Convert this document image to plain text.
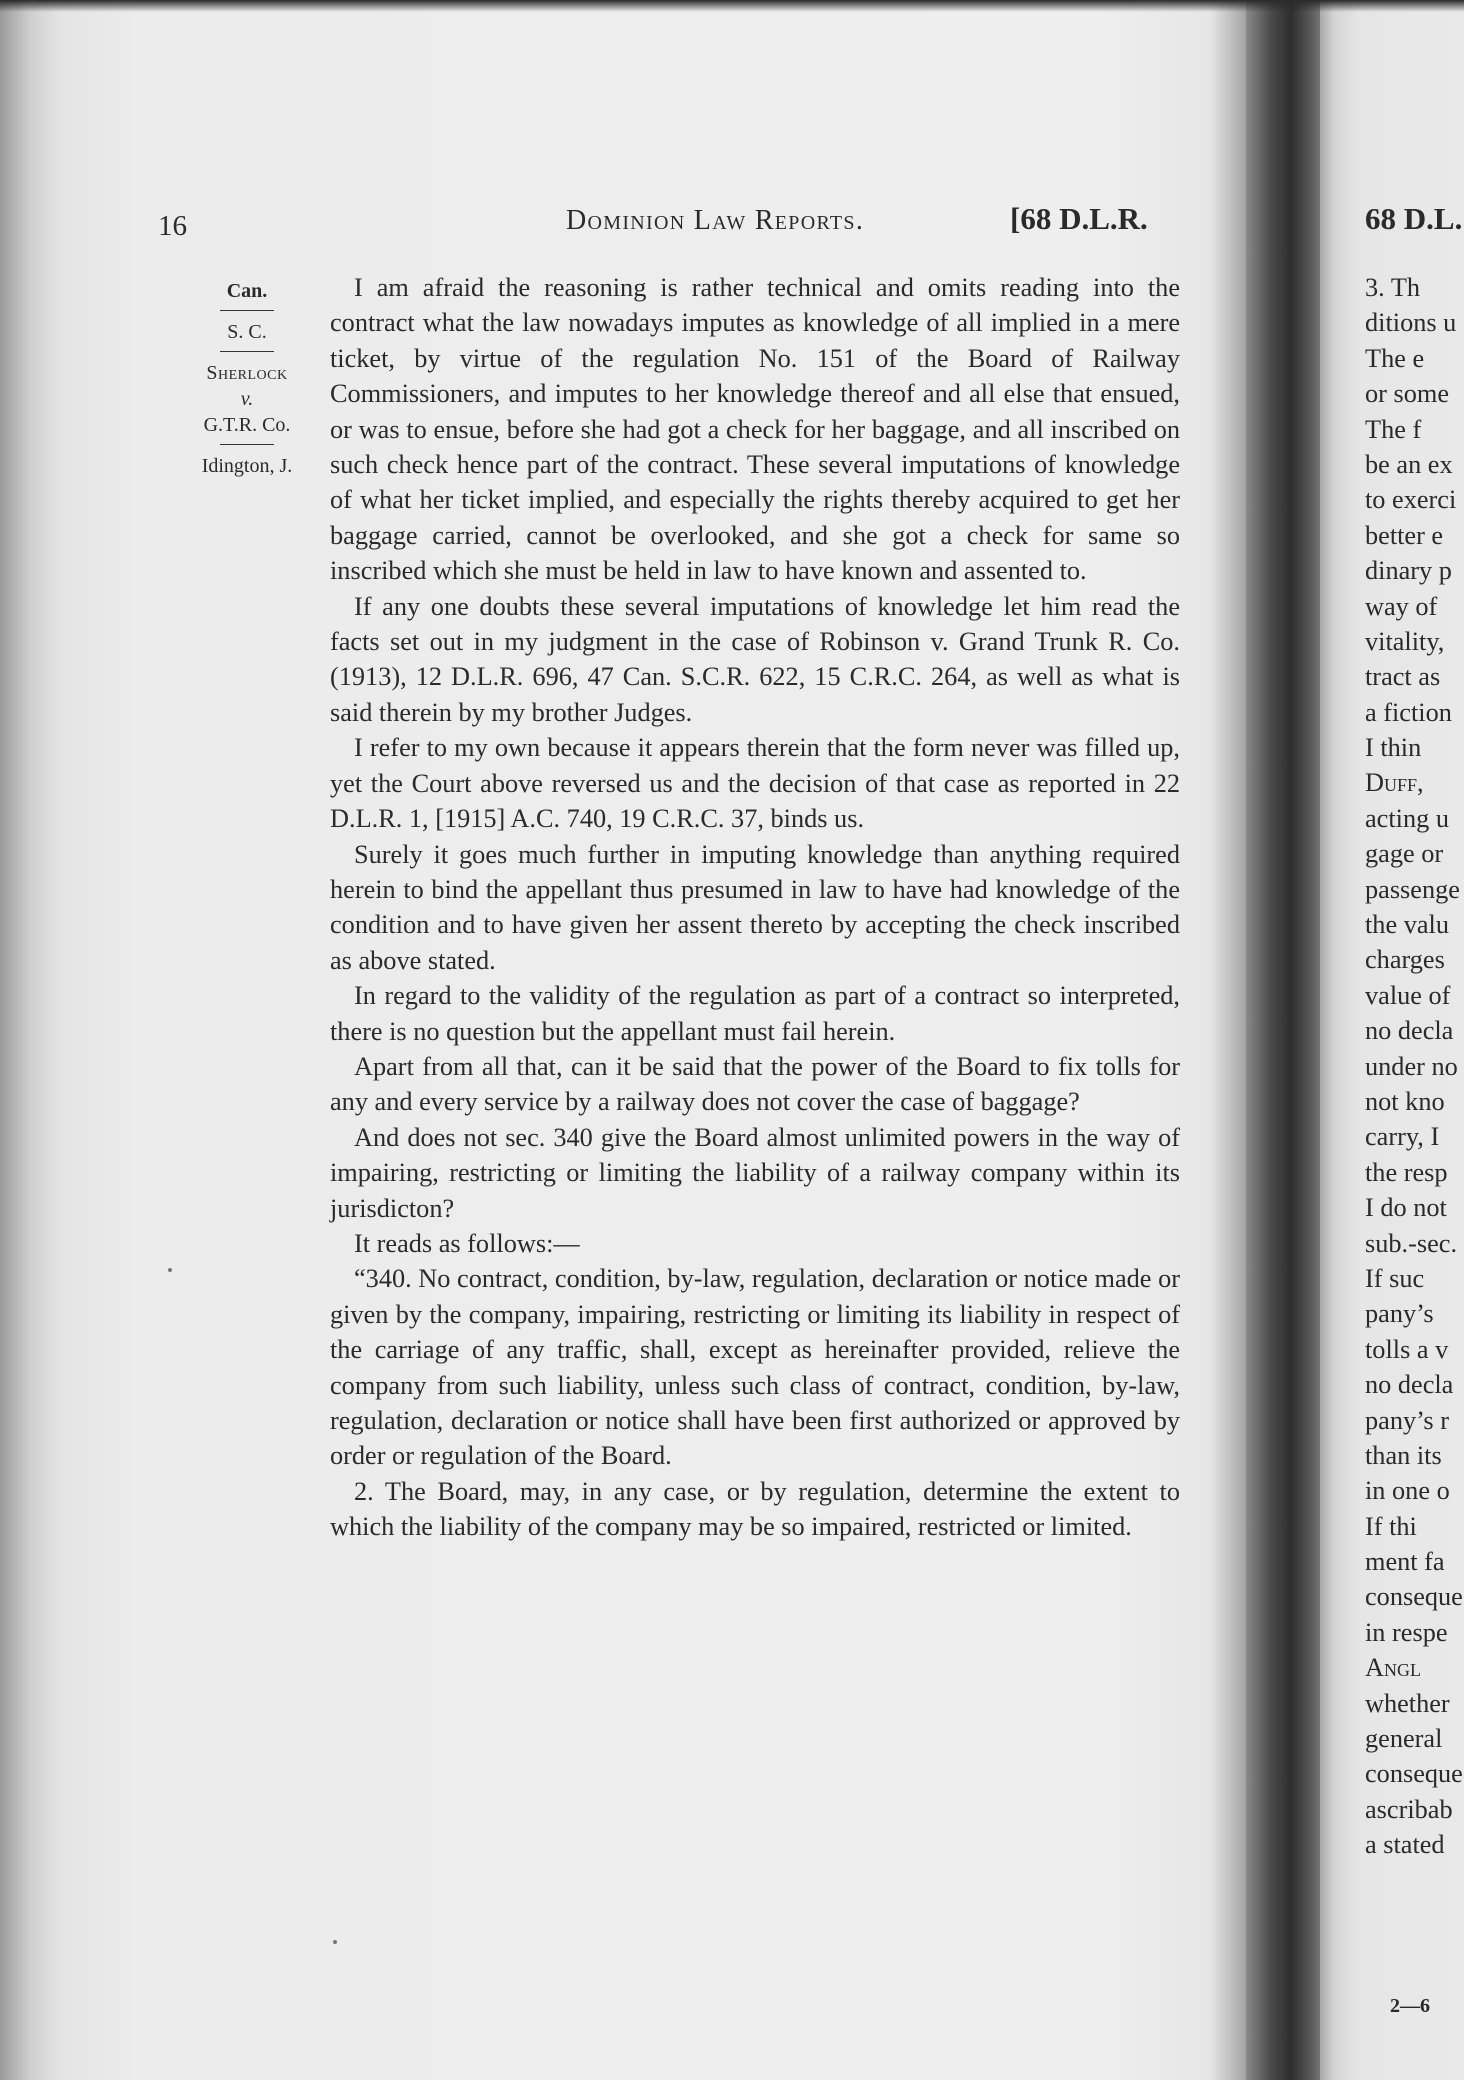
16	Dominion Law Reports.	[68 D.L.R.
Can.
S. C.
Sherlock
v.
G.T.R. Co.
Idington, J.

I am afraid the reasoning is rather technical and omits reading into the contract what the law nowadays imputes as knowledge of all implied in a mere ticket, by virtue of the regulation No. 151 of the Board of Railway Commissioners, and imputes to her knowledge thereof and all else that ensued, or was to ensue, before she had got a check for her baggage, and all inscribed on such check hence part of the contract. These several imputations of knowledge of what her ticket implied, and especially the rights thereby acquired to get her baggage carried, cannot be overlooked, and she got a check for same so inscribed which she must be held in law to have known and assented to.

If any one doubts these several imputations of knowledge let him read the facts set out in my judgment in the case of Robinson v. Grand Trunk R. Co. (1913), 12 D.L.R. 696, 47 Can. S.C.R. 622, 15 C.R.C. 264, as well as what is said therein by my brother Judges.

I refer to my own because it appears therein that the form never was filled up, yet the Court above reversed us and the decision of that case as reported in 22 D.L.R. 1, [1915] A.C. 740, 19 C.R.C. 37, binds us.

Surely it goes much further in imputing knowledge than anything required herein to bind the appellant thus presumed in law to have had knowledge of the condition and to have given her assent thereto by accepting the check inscribed as above stated.

In regard to the validity of the regulation as part of a contract so interpreted, there is no question but the appellant must fail herein.

Apart from all that, can it be said that the power of the Board to fix tolls for any and every service by a railway does not cover the case of baggage?

And does not sec. 340 give the Board almost unlimited powers in the way of impairing, restricting or limiting the liability of a railway company within its jurisdicton?

It reads as follows:—

“340. No contract, condition, by-law, regulation, declaration or notice made or given by the company, impairing, restricting or limiting its liability in respect of the carriage of any traffic, shall, except as hereinafter provided, relieve the company from such liability, unless such class of contract, condition, by-law, regulation, declaration or notice shall have been first authorized or approved by order or regulation of the Board.

2. The Board, may, in any case, or by regulation, determine the extent to which the liability of the company may be so impaired, restricted or limited.

68 D.L.
3. Th
ditions u
The e
or some
The f
be an ex
to exerci
better e
dinary p
way of
vitality,
tract as
a fiction
I thin
Duff,
acting u
gage or
passenge
the valu
charges
value of
no decla
under no
not kno
carry, I
the resp
I do not
sub.-sec.
If suc
pany’s
tolls a v
no decla
pany’s r
than its
in one o
If thi
ment fa
conseque
in respe
Angl
whether
general
conseque
ascribab
a stated
2—6
